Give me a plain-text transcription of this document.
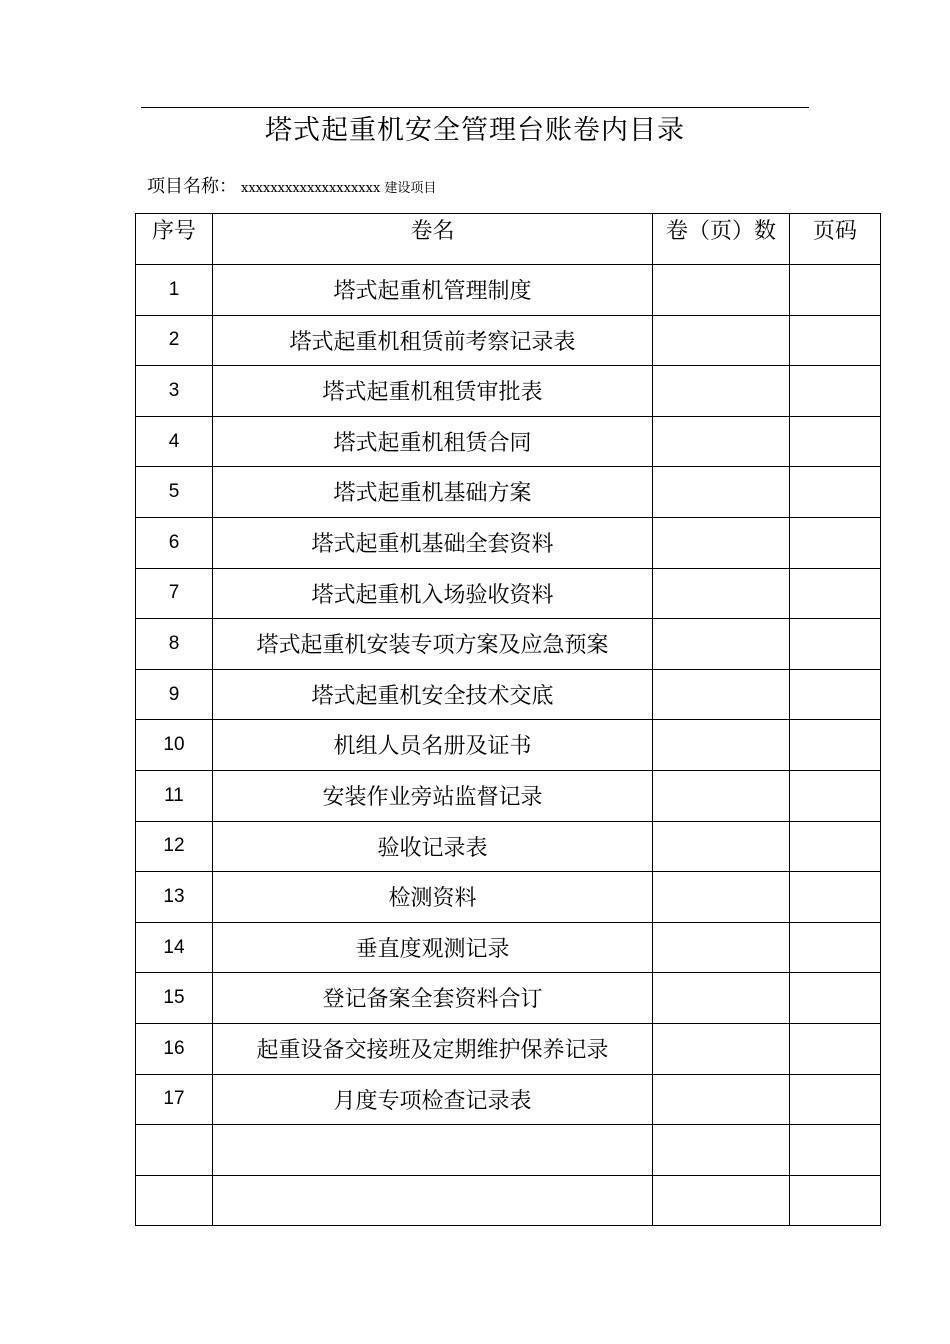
塔式起重机安全管理台账卷内目录
项目名称： xxxxxxxxxxxxxxxxxxx 建设项目
序号	卷名	卷（页）数	页码
1	塔式起重机管理制度		
2	塔式起重机租赁前考察记录表		
3	塔式起重机租赁审批表		
4	塔式起重机租赁合同		
5	塔式起重机基础方案		
6	塔式起重机基础全套资料		
7	塔式起重机入场验收资料		
8	塔式起重机安装专项方案及应急预案		
9	塔式起重机安全技术交底		
10	机组人员名册及证书		
11	安装作业旁站监督记录		
12	验收记录表		
13	检测资料		
14	垂直度观测记录		
15	登记备案全套资料合订		
16	起重设备交接班及定期维护保养记录		
17	月度专项检查记录表		
